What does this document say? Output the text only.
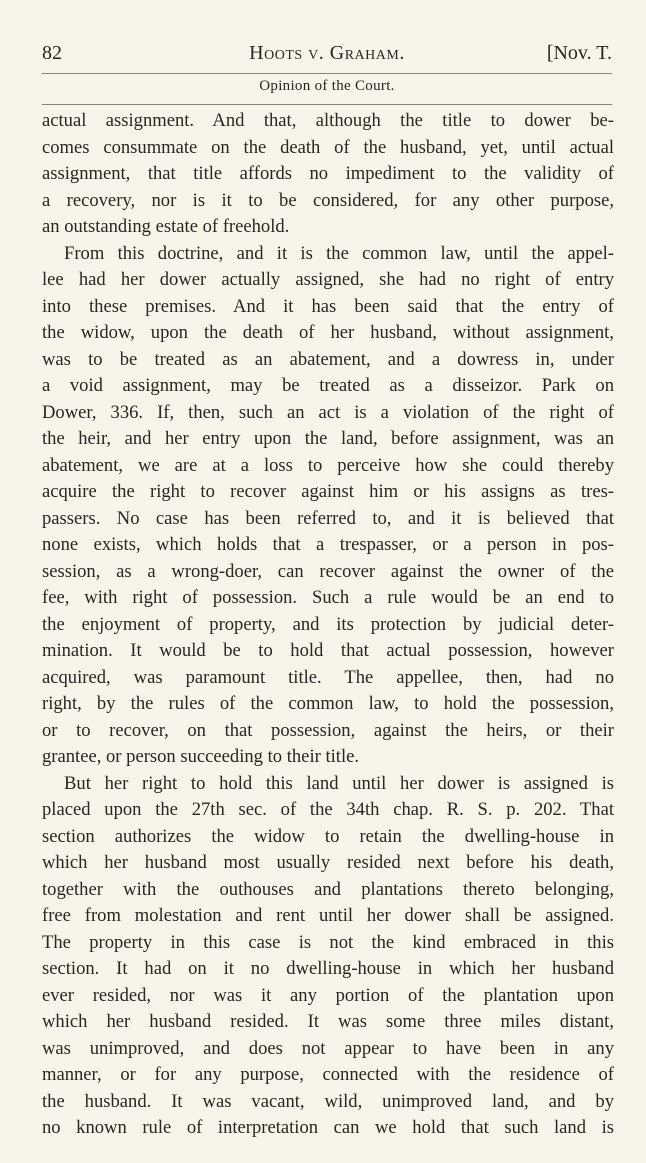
82	Hoots v. Graham.	[Nov. T.
Opinion of the Court.
actual assignment. And that, although the title to dower be-
comes consummate on the death of the husband, yet, until actual
assignment, that title affords no impediment to the validity of
a recovery, nor is it to be considered, for any other purpose,
an outstanding estate of freehold.
From this doctrine, and it is the common law, until the appel-
lee had her dower actually assigned, she had no right of entry
into these premises. And it has been said that the entry of
the widow, upon the death of her husband, without assignment,
was to be treated as an abatement, and a dowress in, under
a void assignment, may be treated as a disseizor. Park on
Dower, 336. If, then, such an act is a violation of the right of
the heir, and her entry upon the land, before assignment, was an
abatement, we are at a loss to perceive how she could thereby
acquire the right to recover against him or his assigns as tres-
passers. No case has been referred to, and it is believed that
none exists, which holds that a trespasser, or a person in pos-
session, as a wrong-doer, can recover against the owner of the
fee, with right of possession. Such a rule would be an end to
the enjoyment of property, and its protection by judicial deter-
mination. It would be to hold that actual possession, however
acquired, was paramount title. The appellee, then, had no
right, by the rules of the common law, to hold the possession,
or to recover, on that possession, against the heirs, or their
grantee, or person succeeding to their title.
But her right to hold this land until her dower is assigned is
placed upon the 27th sec. of the 34th chap. R. S. p. 202. That
section authorizes the widow to retain the dwelling-house in
which her husband most usually resided next before his death,
together with the outhouses and plantations thereto belonging,
free from molestation and rent until her dower shall be assigned.
The property in this case is not the kind embraced in this
section. It had on it no dwelling-house in which her husband
ever resided, nor was it any portion of the plantation upon
which her husband resided. It was some three miles distant,
was unimproved, and does not appear to have been in any
manner, or for any purpose, connected with the residence of
the husband. It was vacant, wild, unimproved land, and by
no known rule of interpretation can we hold that such land is
